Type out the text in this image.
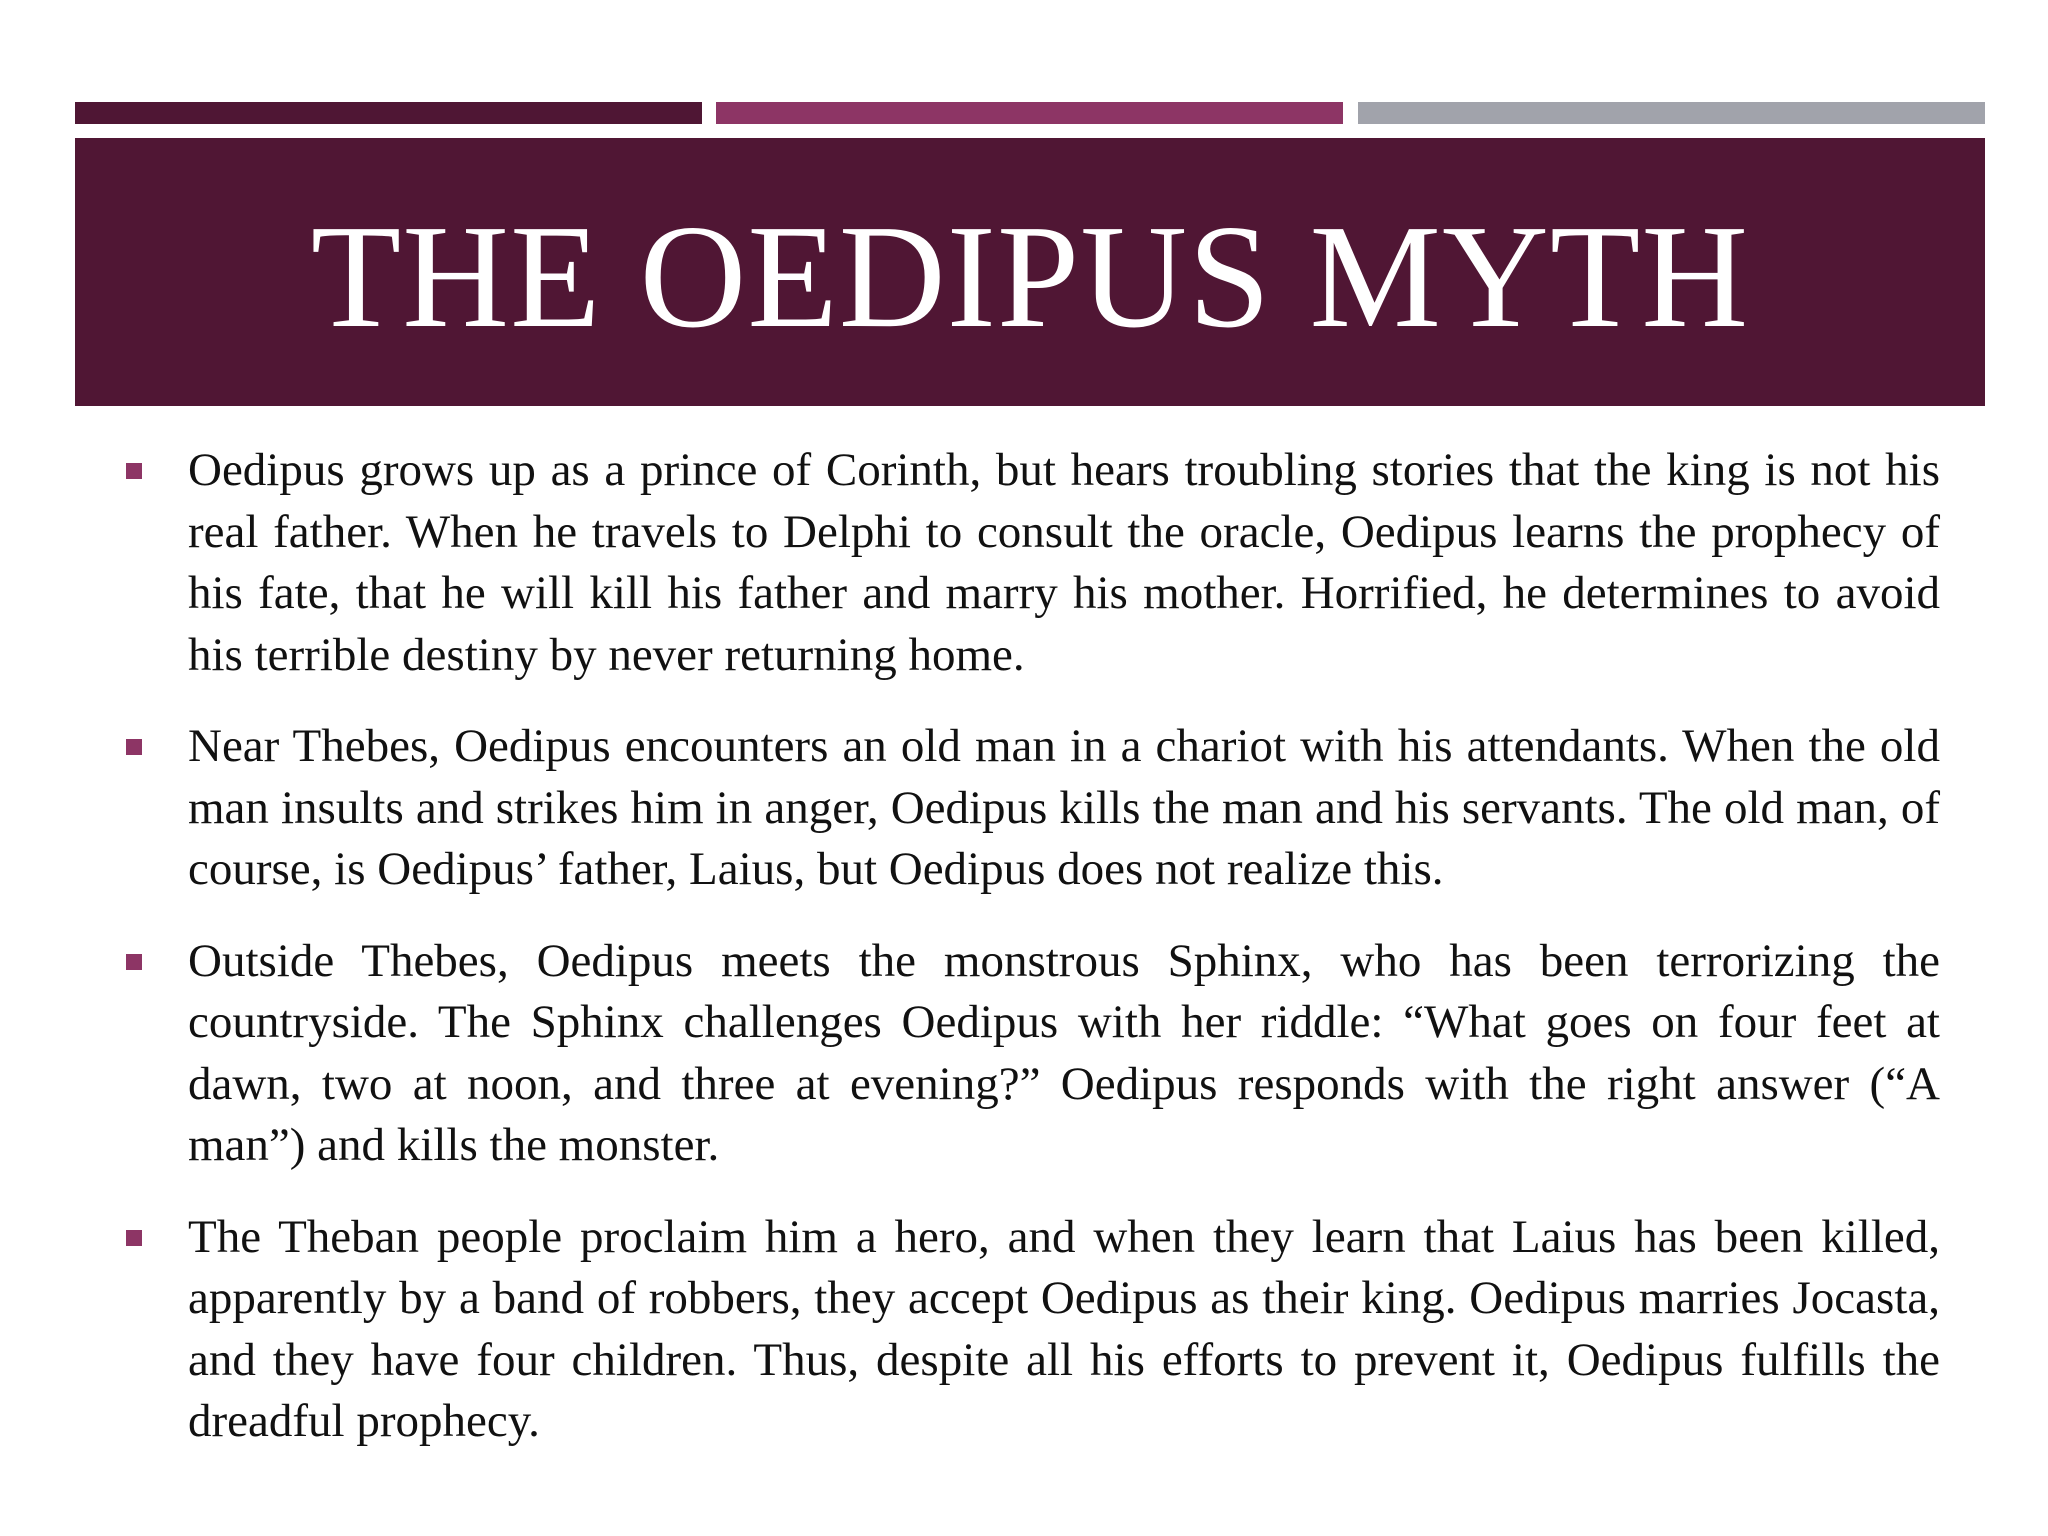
THE OEDIPUS MYTH

Oedipus grows up as a prince of Corinth, but hears troubling stories that the king is not his real father. When he travels to Delphi to consult the oracle, Oedipus learns the prophecy of his fate, that he will kill his father and marry his mother. Horrified, he determines to avoid his terrible destiny by never returning home.

Near Thebes, Oedipus encounters an old man in a chariot with his attendants. When the old man insults and strikes him in anger, Oedipus kills the man and his servants. The old man, of course, is Oedipus’ father, Laius, but Oedipus does not realize this.

Outside Thebes, Oedipus meets the monstrous Sphinx, who has been terrorizing the countryside. The Sphinx challenges Oedipus with her riddle: “What goes on four feet at dawn, two at noon, and three at evening?” Oedipus responds with the right answer (“A man”) and kills the monster.

The Theban people proclaim him a hero, and when they learn that Laius has been killed, apparently by a band of robbers, they accept Oedipus as their king. Oedipus marries Jocasta, and they have four children. Thus, despite all his efforts to prevent it, Oedipus fulfills the dreadful prophecy.
